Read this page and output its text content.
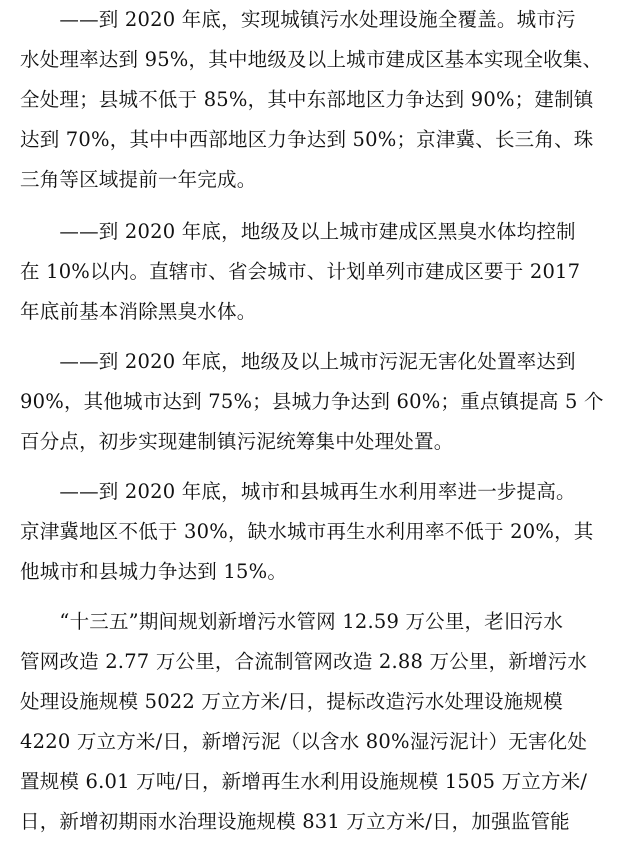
　　——到 2020 年底，实现城镇污水处理设施全覆盖。城市污
水处理率达到 95%，其中地级及以上城市建成区基本实现全收集、
全处理；县城不低于 85%，其中东部地区力争达到 90%；建制镇
达到 70%，其中中西部地区力争达到 50%；京津冀、长三角、珠
三角等区域提前一年完成。
　　——到 2020 年底，地级及以上城市建成区黑臭水体均控制
在 10%以内。直辖市、省会城市、计划单列市建成区要于 2017
年底前基本消除黑臭水体。
　　——到 2020 年底，地级及以上城市污泥无害化处置率达到
90%，其他城市达到 75%；县城力争达到 60%；重点镇提高 5 个
百分点，初步实现建制镇污泥统筹集中处理处置。
　　——到 2020 年底，城市和县城再生水利用率进一步提高。
京津冀地区不低于 30%，缺水城市再生水利用率不低于 20%，其
他城市和县城力争达到 15%。
　　“十三五”期间规划新增污水管网 12.59 万公里，老旧污水
管网改造 2.77 万公里，合流制管网改造 2.88 万公里，新增污水
处理设施规模 5022 万立方米/日，提标改造污水处理设施规模
4220 万立方米/日，新增污泥（以含水 80%湿污泥计）无害化处
置规模 6.01 万吨/日，新增再生水利用设施规模 1505 万立方米/
日，新增初期雨水治理设施规模 831 万立方米/日，加强监管能
